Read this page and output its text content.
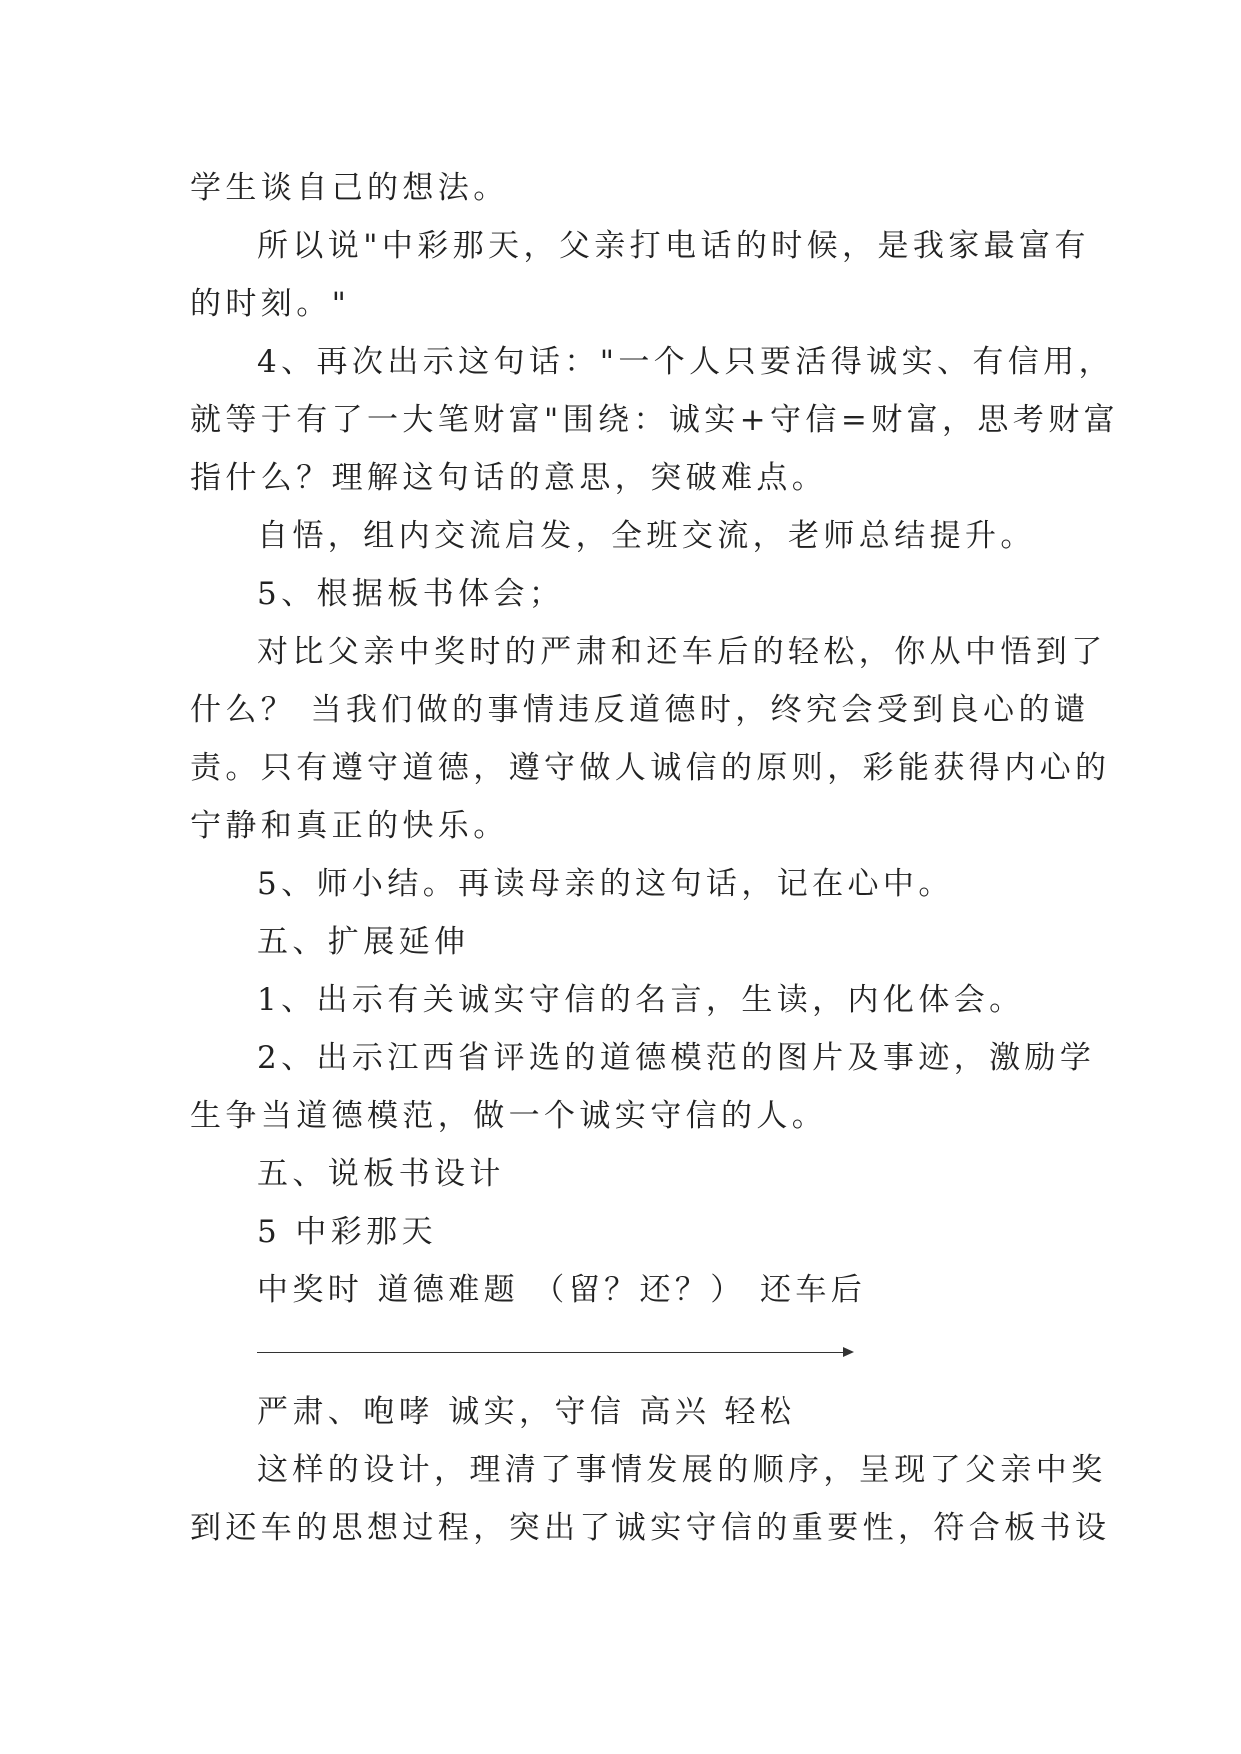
学生谈自己的想法。
所以说"中彩那天，父亲打电话的时候，是我家最富有
的时刻。"
4、再次出示这句话："一个人只要活得诚实、有信用，
就等于有了一大笔财富"围绕：诚实+守信=财富，思考财富
指什么？理解这句话的意思，突破难点。
自悟，组内交流启发，全班交流，老师总结提升。
5、根据板书体会；
对比父亲中奖时的严肃和还车后的轻松，你从中悟到了
什么？ 当我们做的事情违反道德时，终究会受到良心的谴
责。只有遵守道德，遵守做人诚信的原则，彩能获得内心的
宁静和真正的快乐。
5、师小结。再读母亲的这句话，记在心中。
五、扩展延伸
1、出示有关诚实守信的名言，生读，内化体会。
2、出示江西省评选的道德模范的图片及事迹，激励学
生争当道德模范，做一个诚实守信的人。
五、说板书设计
5 中彩那天
中奖时 道德难题 （留？还？） 还车后
严肃、咆哮 诚实，守信 高兴 轻松
这样的设计，理清了事情发展的顺序，呈现了父亲中奖
到还车的思想过程，突出了诚实守信的重要性，符合板书设
